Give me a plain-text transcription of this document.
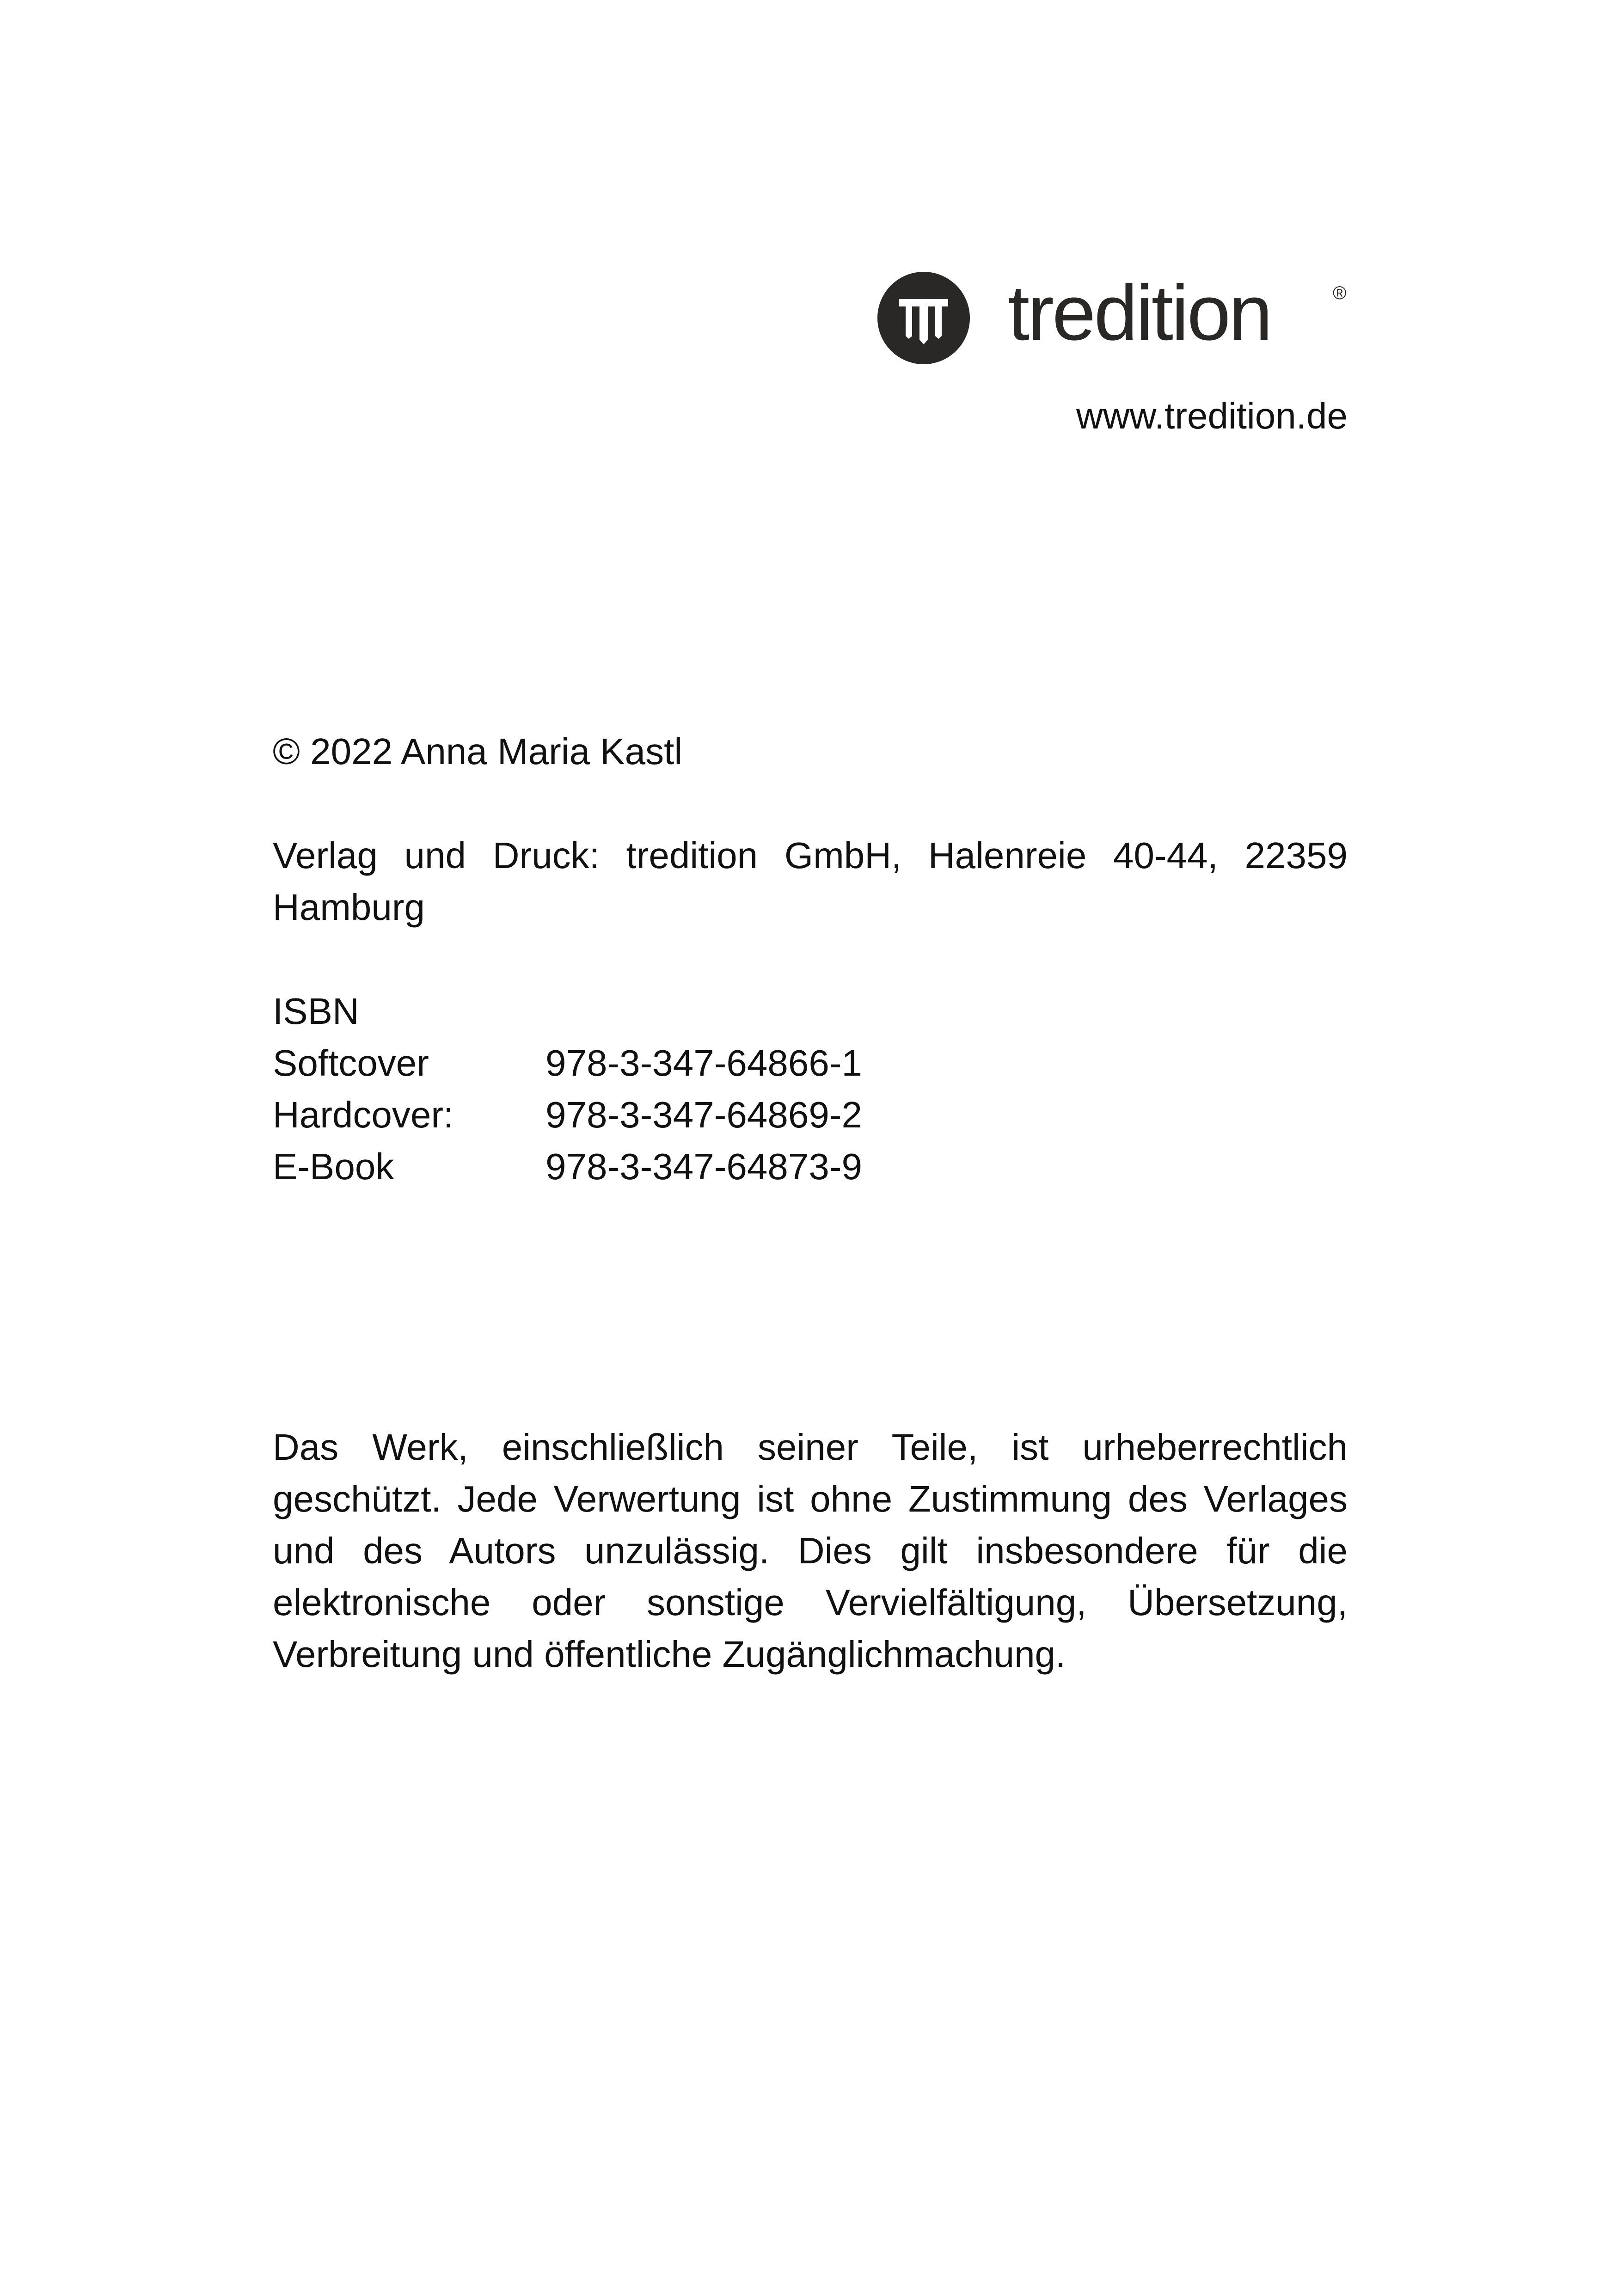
tredition	®
www.tredition.de
© 2022 Anna Maria Kastl
Verlag und Druck: tredition GmbH, Halenreie 40-44, 22359 Hamburg
ISBN
Softcover	978-3-347-64866-1
Hardcover:	978-3-347-64869-2
E-Book	978-3-347-64873-9
Das Werk, einschließlich seiner Teile, ist urheberrechtlich geschützt. Jede Verwertung ist ohne Zustimmung des Verlages und des Autors unzulässig. Dies gilt insbesondere für die elektronische oder sonstige Vervielfältigung, Übersetzung, Verbreitung und öffentliche Zugänglichmachung.
